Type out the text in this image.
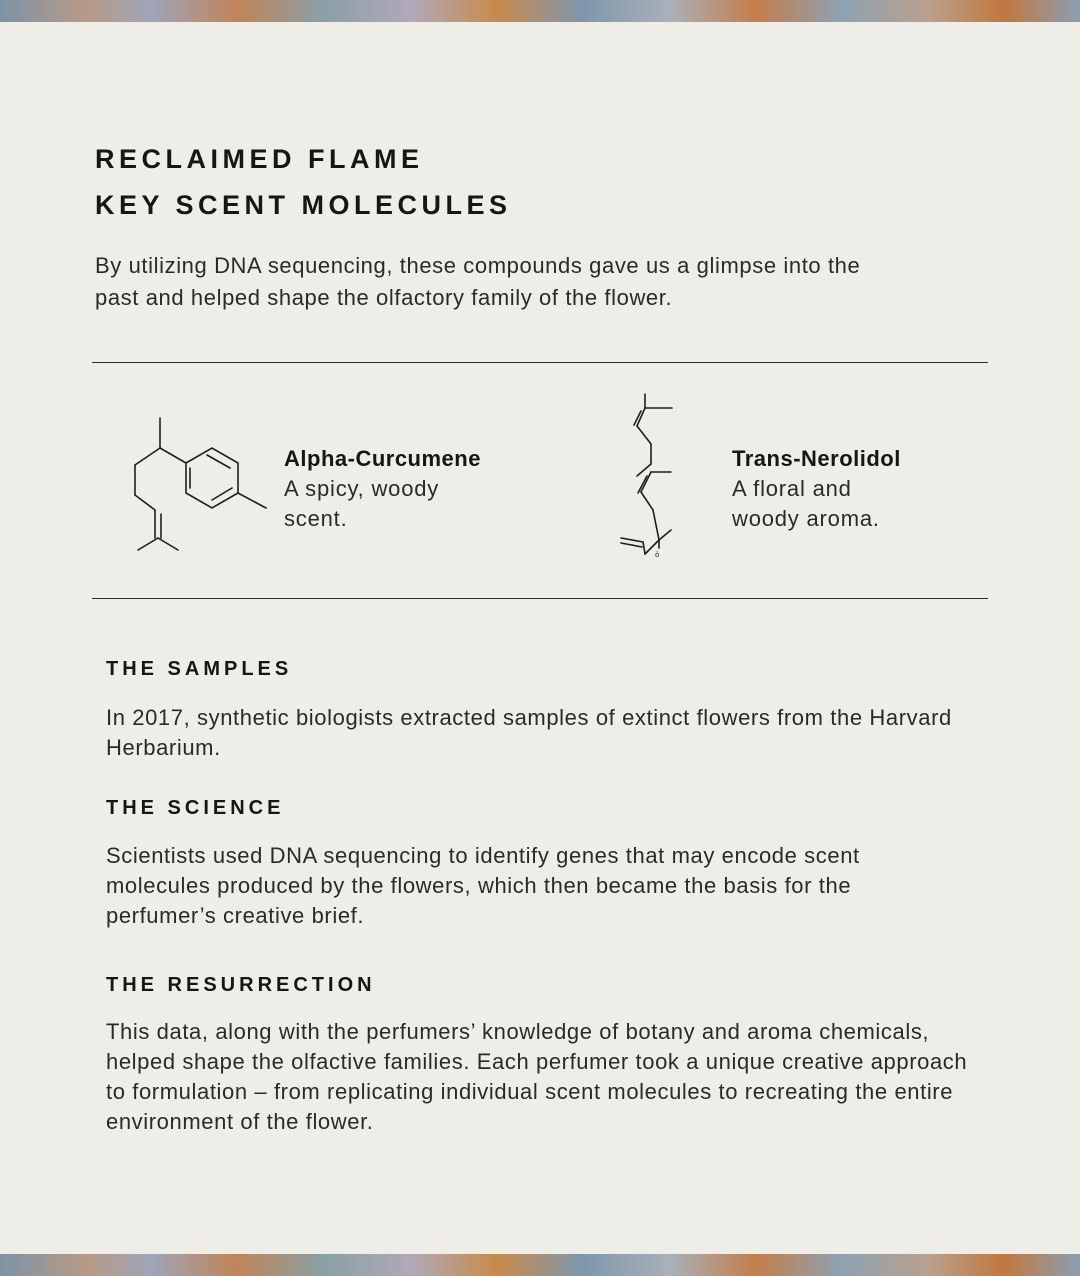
RECLAIMED FLAME
KEY SCENT MOLECULES

By utilizing DNA sequencing, these compounds gave us a glimpse into the past and helped shape the olfactory family of the flower.

Alpha-Curcumene
A spicy, woody scent.
ö
Trans-Nerolidol
A floral and woody aroma.
THE SAMPLES

In 2017, synthetic biologists extracted samples of extinct flowers from the Harvard Herbarium.

THE SCIENCE

Scientists used DNA sequencing to identify genes that may encode scent molecules produced by the flowers, which then became the basis for the perfumer’s creative brief.

THE RESURRECTION

This data, along with the perfumers’ knowledge of botany and aroma chemicals, helped shape the olfactive families. Each perfumer took a unique creative approach to formulation – from replicating individual scent molecules to recreating the entire environment of the flower.
